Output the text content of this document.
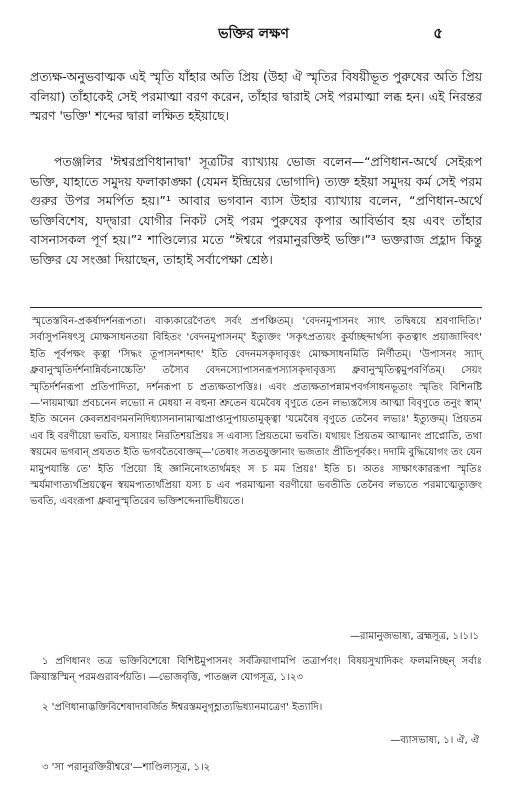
ভক্তির লক্ষণ	৫

প্রত্যক্ষ-অনুভবাত্মক এই স্মৃতি যাঁহার অতি প্রিয় (উহা ঐ স্মৃতির বিষয়ীভূত পুরুষের অতি প্রিয় বলিয়া) তাঁহাকেই সেই পরমাত্মা বরণ করেন, তাঁহার দ্বারাই সেই পরমাত্মা লব্ধ হন। এই নিরন্তর স্মরণ 'ভক্তি' শব্দের দ্বারা লক্ষিত হইয়াছে।

পতঞ্জলির 'ঈশ্বরপ্রণিধানাদ্বা' সূত্রটির ব্যাখ্যায় ভোজ বলেন—“প্রণিধান-অর্থে সেইরূপ ভক্তি, যাহাতে সমুদয় ফলাকাঙ্ক্ষা (যেমন ইন্দ্রিয়ের ভোগাদি) ত্যক্ত হইয়া সমুদয় কর্ম সেই পরম গুরুর উপর সমর্পিত হয়।”¹ আবার ভগবান ব্যাস উহার ব্যাখ্যায় বলেন, “প্রণিধান-অর্থে ভক্তিবিশেষ, যদ্দ্বারা যোগীর নিকট সেই পরম পুরুষের কৃপার আবির্ভাব হয় এবং তাঁহার বাসনাসকল পূর্ণ হয়।”² শাণ্ডিল্যের মতে “ঈশ্বরে পরমানুরক্তিই ভক্তি।”³ ভক্তরাজ প্রহ্লাদ কিন্তু ভক্তির যে সংজ্ঞা দিয়াছেন, তাহাই সর্বাপেক্ষা শ্রেষ্ঠ।

স্মৃতেস্তবিন-প্রকর্ষাদর্শনরূপতা। বাক্যকারেণৈতৎ সর্বং প্রপঞ্চিতম্। 'বেদনমুপাসনং স্যাৎ তদ্বিষয়ে শ্রবণাদিতি।' সর্বাসুপনিষৎসু মোক্ষসাধনতয়া বিহিতং 'বেদনমুপাসনম্' ইত্যুক্তং 'সকৃৎপ্রত্যয়ং কুর্যাচ্ছব্দার্থস্য কৃতত্বাৎ প্রয়াজাদিবৎ' ইতি পূর্বপক্ষং কৃত্বা 'সিদ্ধং তূপাসনশব্দাৎ' ইতি বেদনমসকৃদাবৃত্তং মোক্ষসাধনমিতি নির্ণীতম্। 'উপাসনং স্যাদ্ ধ্রুবানুস্মৃতির্দর্শনান্নির্বচনাচ্চেতি' তস্যৈব বেদনস্যোপাসনরূপস্যাসকৃদাবৃত্তস্য ধ্রুবানুস্মৃতিত্বমুপবর্ণিতম্। সেয়ং স্মৃতির্দর্শনরূপা প্রতিপাদিতা, দর্শনরূপা চ প্রত্যক্ষতাপত্তিঃ। এবং প্রত্যক্ষতাপন্নামপবর্গসাধনভূতাং স্মৃতিং বিশিনষ্টি—'নায়মাত্মা প্রবচনেন লভ্যো ন মেধয়া ন বহুনা শ্রুতেন যমেবৈষ বৃণুতে তেন লভ্যস্তস্যৈষ আত্মা বিবৃণুতে তনুং স্বাম্' ইতি অনেন কেবলশ্রবণমননিদিধ্যাসনানামাত্মপ্রাপ্ত্যনুপায়তামুক্ত্বা 'যমেবৈষ বৃণুতে তেনৈব লভ্যঃ' ইত্যুক্তম্। প্রিয়তম এব হি বরণীয়ো ভবতি, যস্যায়ং নিরতিশয়প্রিয়ঃ স এবাস্য প্রিয়তমো ভবতি। যথায়ং প্রিয়তম আত্মানং প্রাপ্নোতি, তথা স্বয়মেব ভগবান্ প্রযতত ইতি ভগবতৈবোক্তম্—'তেষাং সততযুক্তানাং ভজতাং প্রীতিপূর্বকং। দদামি বুদ্ধিযোগং তং যেন মামুপযান্তি তে' ইতি 'প্রিয়ো হি জ্ঞানিনোঽত্যর্থমহং স চ মম প্রিয়ঃ' ইতি চ। অতঃ সাক্ষাৎকাররূপা স্মৃতিঃ স্মর্যমাণাত্যর্থপ্রিয়ত্বেন স্বয়মপ্যত্যর্থপ্রিয়া যস্য চ এব পরমাত্মনা বরণীয়ো ভবতীতি তেনৈব লভ্যতে পরমাত্মেত্যুক্তং ভবতি, এবংরূপা ধ্রুবানুস্মৃতিরেব ভক্তিশব্দেনাভিধীয়তে।

—রামানুজভাষ্য, ব্রহ্মসূত্র, ১।১।১

১ প্রণিধানং তত্র ভক্তিবিশেষো বিশিষ্টমুপাসনং সর্বক্রিয়াণামপি তত্রার্পণং। বিষয়সুখাদিকং ফলমনিচ্ছন্ সর্বাঃ ক্রিয়াস্তস্মিন্ পরমগুরাবর্পয়তি। —ভোজবৃত্তি, পাতঞ্জল যোগসূত্র, ১।২৩

২ 'প্রণিধানাদ্ভক্তিবিশেষাদাবর্জিত ঈশ্বরস্তমনুগৃহ্ণাত্যভিধ্যানমাত্রেণ' ইত্যাদি।

—ব্যাসভাষ্য, ১। ঐ, ঐ

৩ 'সা পরানুরক্তিরীশ্বরে'—শাণ্ডিল্যসূত্র, ১।২
